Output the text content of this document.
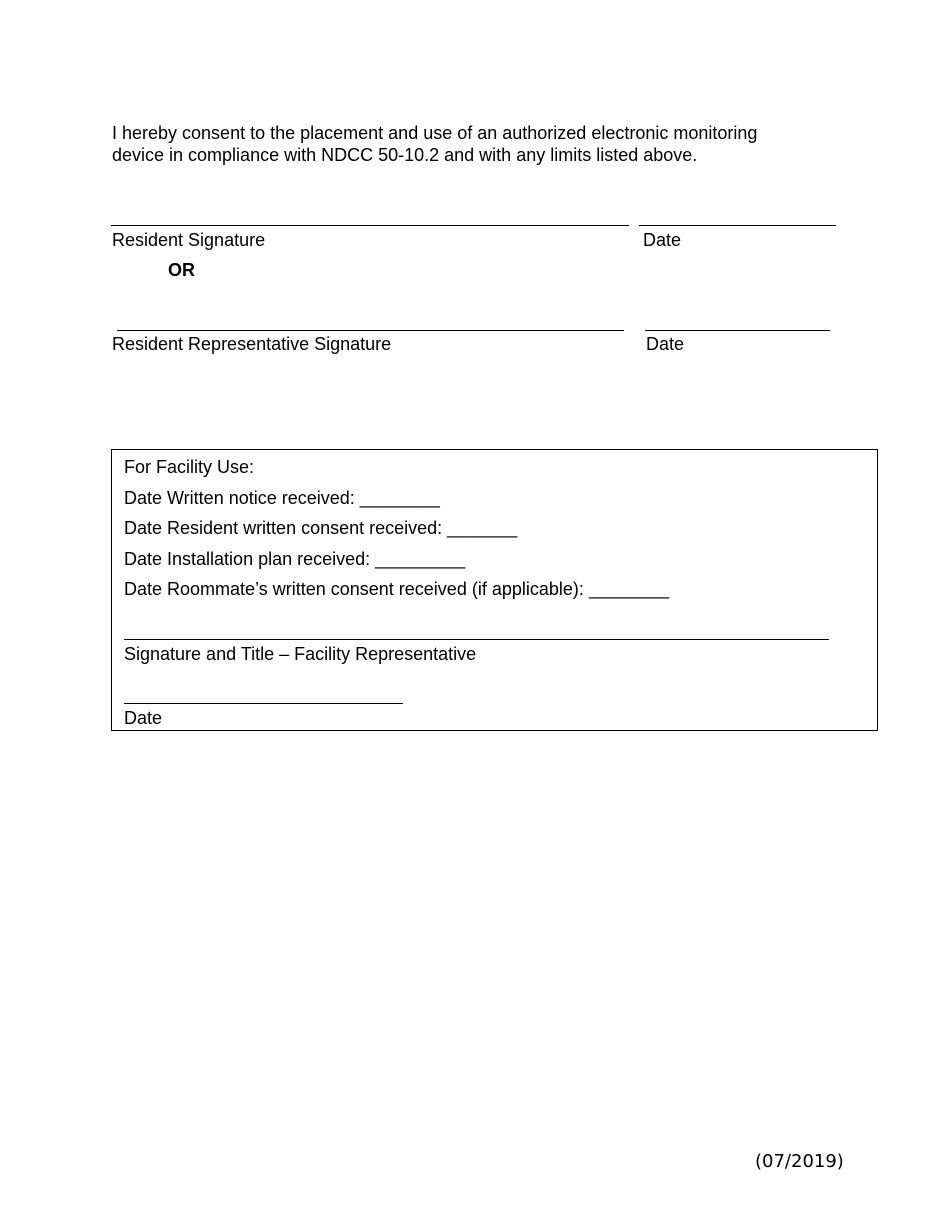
I hereby consent to the placement and use of an authorized electronic monitoring
device in compliance with NDCC 50-10.2 and with any limits listed above.
Resident Signature	Date
OR
Resident Representative Signature	Date
For Facility Use:
Date Written notice received: ________
Date Resident written consent received: _______
Date Installation plan received: _________
Date Roommate’s written consent received (if applicable): ________
Signature and Title – Facility Representative
Date
(07/2019)
